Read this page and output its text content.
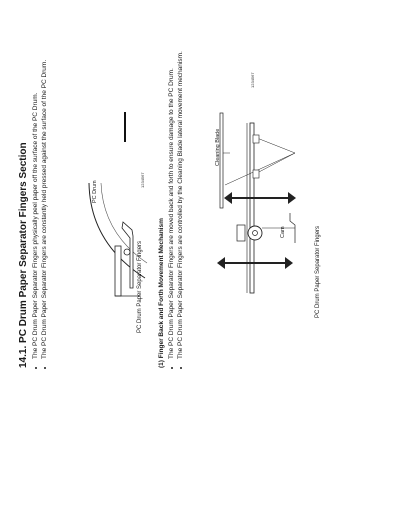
14.1. PC Drum Paper Separator Fingers Section • The PC Drum Paper Separator Fingers physically peel paper off the surface of the PC Drum. • The PC Drum Paper Separator Fingers are constantly held pressed against the surface of the PC Drum.	PC Drum
1234567
PC Drum Paper Separator Fingers (1) Finger Back and Forth Movement Mechanism • The PC Drum Paper Separator Fingers are moved back and forth to ensure damage to the PC Drum. • The PC Drum Paper Separator Fingers are controlled by the Cleaning Blade lateral movement mechanism.	Cleaning Blade
Cam
1234567
PC Drum Paper Separator Fingers
